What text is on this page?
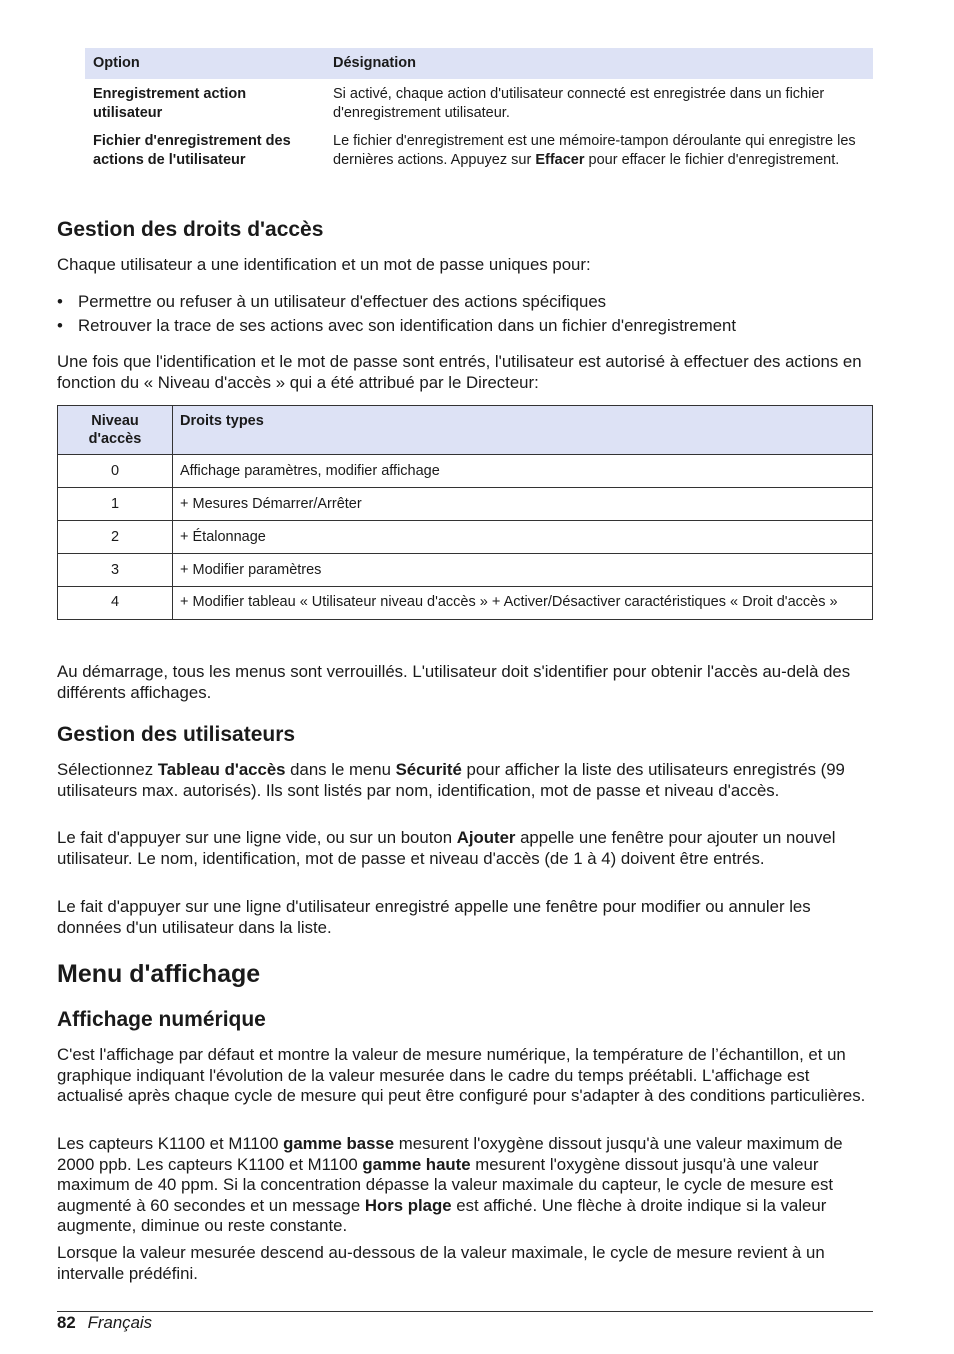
Option	Désignation
Enregistrement action utilisateur	Si activé, chaque action d'utilisateur connecté est enregistrée dans un fichier d'enregistrement utilisateur.
Fichier d'enregistrement des actions de l'utilisateur	Le fichier d'enregistrement est une mémoire-tampon déroulante qui enregistre les dernières actions. Appuyez sur Effacer pour effacer le fichier d'enregistrement.
Gestion des droits d'accès

Chaque utilisateur a une identification et un mot de passe uniques pour:

• Permettre ou refuser à un utilisateur d'effectuer des actions spécifiques
• Retrouver la trace de ses actions avec son identification dans un fichier d'enregistrement

Une fois que l'identification et le mot de passe sont entrés, l'utilisateur est autorisé à effectuer des actions en fonction du « Niveau d'accès » qui a été attribué par le Directeur:

Niveau d'accès	Droits types
0	Affichage paramètres, modifier affichage
1	+ Mesures Démarrer/Arrêter
2	+ Étalonnage
3	+ Modifier paramètres
4	+ Modifier tableau « Utilisateur niveau d'accès » + Activer/Désactiver caractéristiques « Droit d'accès »

Au démarrage, tous les menus sont verrouillés. L'utilisateur doit s'identifier pour obtenir l'accès au-delà des différents affichages.

Gestion des utilisateurs

Sélectionnez Tableau d'accès dans le menu Sécurité pour afficher la liste des utilisateurs enregistrés (99 utilisateurs max. autorisés). Ils sont listés par nom, identification, mot de passe et niveau d'accès.

Le fait d'appuyer sur une ligne vide, ou sur un bouton Ajouter appelle une fenêtre pour ajouter un nouvel utilisateur. Le nom, identification, mot de passe et niveau d'accès (de 1 à 4) doivent être entrés.

Le fait d'appuyer sur une ligne d'utilisateur enregistré appelle une fenêtre pour modifier ou annuler les données d'un utilisateur dans la liste.

Menu d'affichage
Affichage numérique

C'est l'affichage par défaut et montre la valeur de mesure numérique, la température de l’échantillon, et un graphique indiquant l'évolution de la valeur mesurée dans le cadre du temps préétabli. L'affichage est actualisé après chaque cycle de mesure qui peut être configuré pour s'adapter à des conditions particulières.

Les capteurs K1100 et M1100 gamme basse mesurent l'oxygène dissout jusqu'à une valeur maximum de 2000 ppb. Les capteurs K1100 et M1100 gamme haute mesurent l'oxygène dissout jusqu'à une valeur maximum de 40 ppm. Si la concentration dépasse la valeur maximale du capteur, le cycle de mesure est augmenté à 60 secondes et un message Hors plage est affiché. Une flèche à droite indique si la valeur augmente, diminue ou reste constante.

Lorsque la valeur mesurée descend au-dessous de la valeur maximale, le cycle de mesure revient à un intervalle prédéfini.

82 Français
